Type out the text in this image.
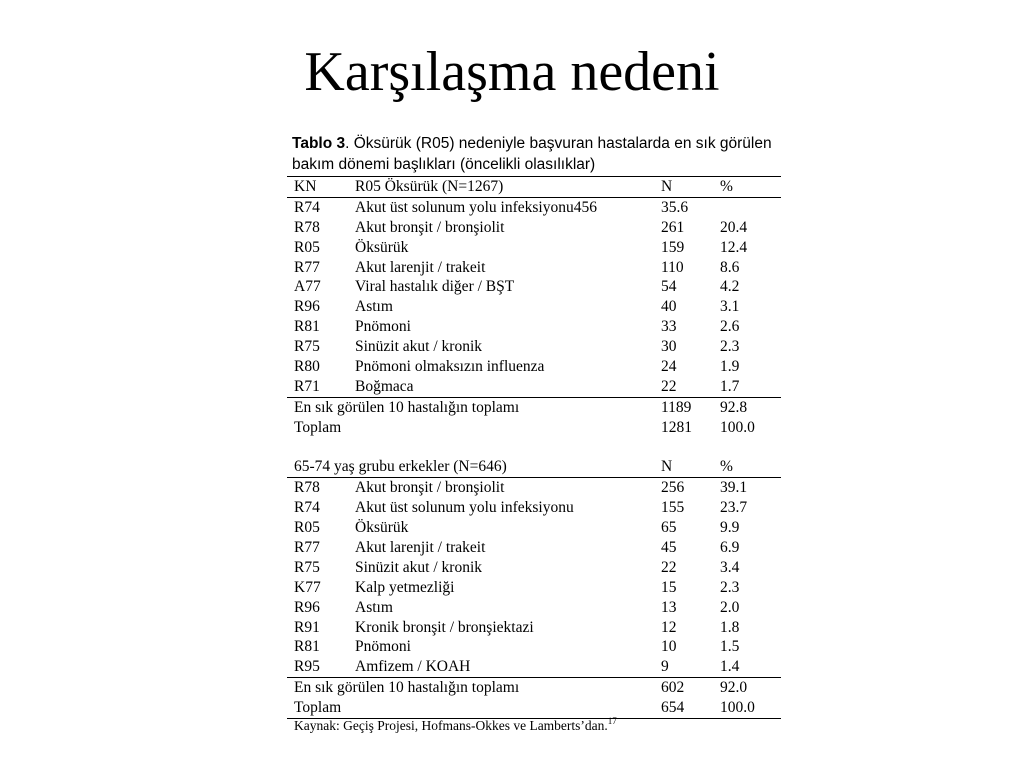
Karşılaşma nedeni
Tablo 3. Öksürük (R05) nedeniyle başvuran hastalarda en sık görülen bakım dönemi başlıkları (öncelikli olasılıklar)
KN R05 Öksürük (N=1267)	N	%
R74 Akut üst solunum yolu infeksiyonu456	35.6
R78 Akut bronşit / bronşiolit	261 20.4
R05 Öksürük	159 12.4
R77 Akut larenjit / trakeit	110 8.6
A77 Viral hastalık diğer / BŞT	54	4.2
R96 Astım	40	3.1
R81 Pnömoni	33	2.6
R75 Sinüzit akut / kronik	30	2.3
R80 Pnömoni olmaksızın influenza	24	1.9
R71 Boğmaca	22	1.7
En sık görülen 10 hastalığın toplamı	1189 92.8
Toplam	1281 100.0
65-74 yaş grubu erkekler (N=646)	N	%
R78 Akut bronşit / bronşiolit	256 39.1
R74 Akut üst solunum yolu infeksiyonu	155 23.7
R05 Öksürük	65	9.9
R77 Akut larenjit / trakeit	45	6.9
R75 Sinüzit akut / kronik	22	3.4
K77 Kalp yetmezliği	15	2.3
R96 Astım	13	2.0
R91 Kronik bronşit / bronşiektazi	12	1.8
R81 Pnömoni	10	1.5
R95 Amfizem / KOAH	9	1.4
En sık görülen 10 hastalığın toplamı	602 92.0
Toplam	654 100.0
Kaynak: Geçiş Projesi, Hofmans-Okkes ve Lamberts’dan.$^{17}$
